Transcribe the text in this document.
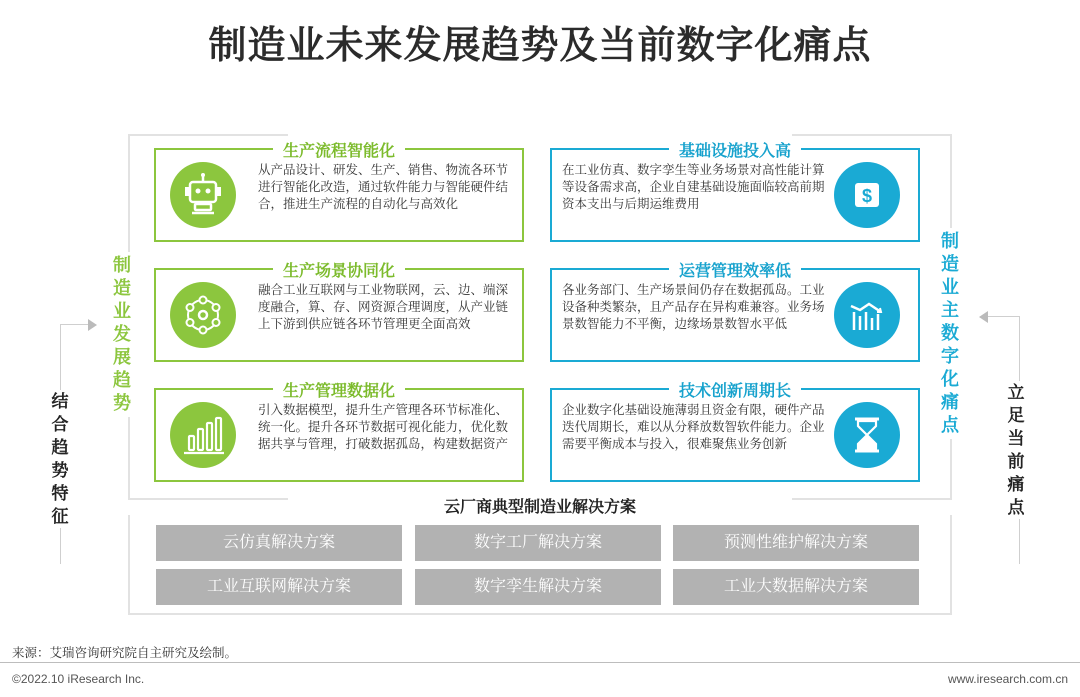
制造业未来发展趋势及当前数字化痛点
制
造
业
发
展
趋
势
制
造
业
主
数
字
化
痛
点
结
合
趋
势
特
征
立
足
当
前
痛
点
生产流程智能化
从产品设计、研发、生产、销售、物流各环节进行智能化改造，通过软件能力与智能硬件结合，推进生产流程的自动化与高效化
生产场景协同化
融合工业互联网与工业物联网，云、边、端深度融合，算、存、网资源合理调度，从产业链上下游到供应链各环节管理更全面高效
生产管理数据化
引入数据模型，提升生产管理各环节标准化、统一化。提升各环节数据可视化能力，优化数据共享与管理，打破数据孤岛，构建数据资产
基础设施投入高
在工业仿真、数字孪生等业务场景对高性能计算等设备需求高，企业自建基础设施面临较高前期资本支出与后期运维费用	$
运营管理效率低
各业务部门、生产场景间仍存在数据孤岛。工业设备种类繁杂，且产品存在异构难兼容。业务场景数智能力不平衡，边缘场景数智水平低
技术创新周期长
企业数字化基础设施薄弱且资金有限，硬件产品迭代周期长，难以从分释放数智软件能力。企业需要平衡成本与投入，很难聚焦业务创新
云厂商典型制造业解决方案
云仿真解决方案	数字工厂解决方案	预测性维护解决方案
工业互联网解决方案	数字孪生解决方案	工业大数据解决方案
来源：艾瑞咨询研究院自主研究及绘制。
©2022.10 iResearch Inc.	www.iresearch.com.cn
